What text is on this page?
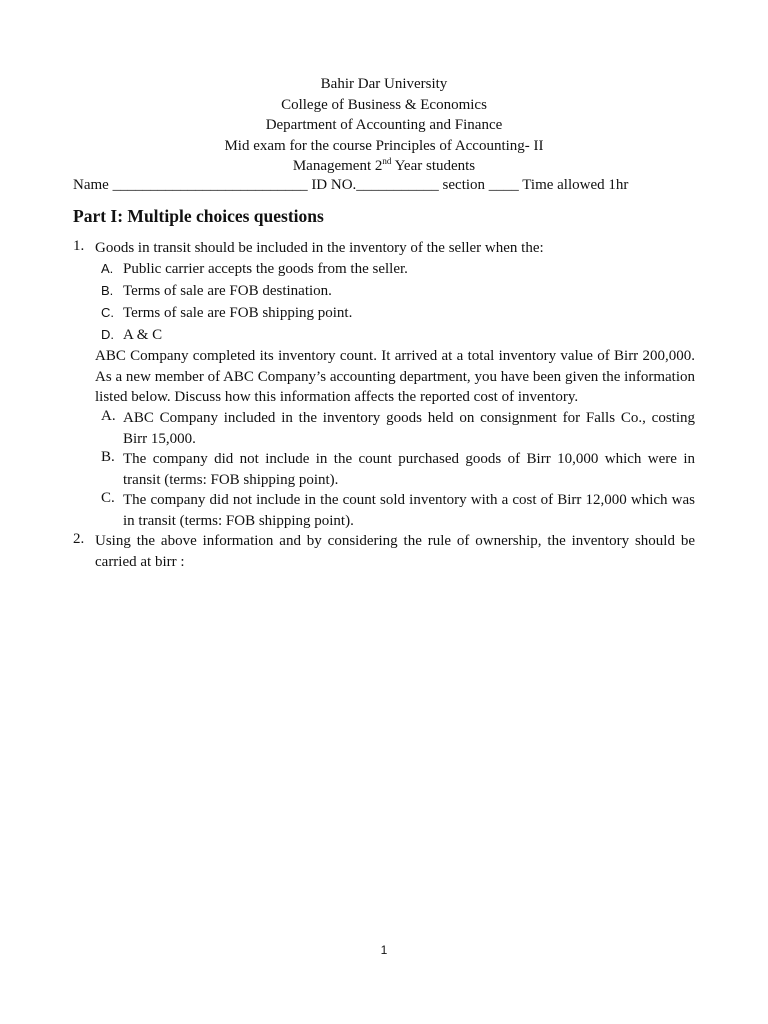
Bahir Dar University
College of Business & Economics
Department of Accounting and Finance
Mid exam for the course Principles of Accounting- II
Management 2nd Year students
Name __________________________ ID NO.___________ section ____ Time allowed 1hr
Part I: Multiple choices questions
1. Goods in transit should be included in the inventory of the seller when the:
A. Public carrier accepts the goods from the seller.
B. Terms of sale are FOB destination.
C. Terms of sale are FOB shipping point.
D. A & C
ABC Company completed its inventory count. It arrived at a total inventory value of Birr 200,000. As a new member of ABC Company’s accounting department, you have been given the information listed below. Discuss how this information affects the reported cost of inventory.
A. ABC Company included in the inventory goods held on consignment for Falls Co., costing Birr 15,000.
B. The company did not include in the count purchased goods of Birr 10,000 which were in transit (terms: FOB shipping point).
C. The company did not include in the count sold inventory with a cost of Birr 12,000 which was in transit (terms: FOB shipping point).
2. Using the above information and by considering the rule of ownership, the inventory should be carried at birr :
1
